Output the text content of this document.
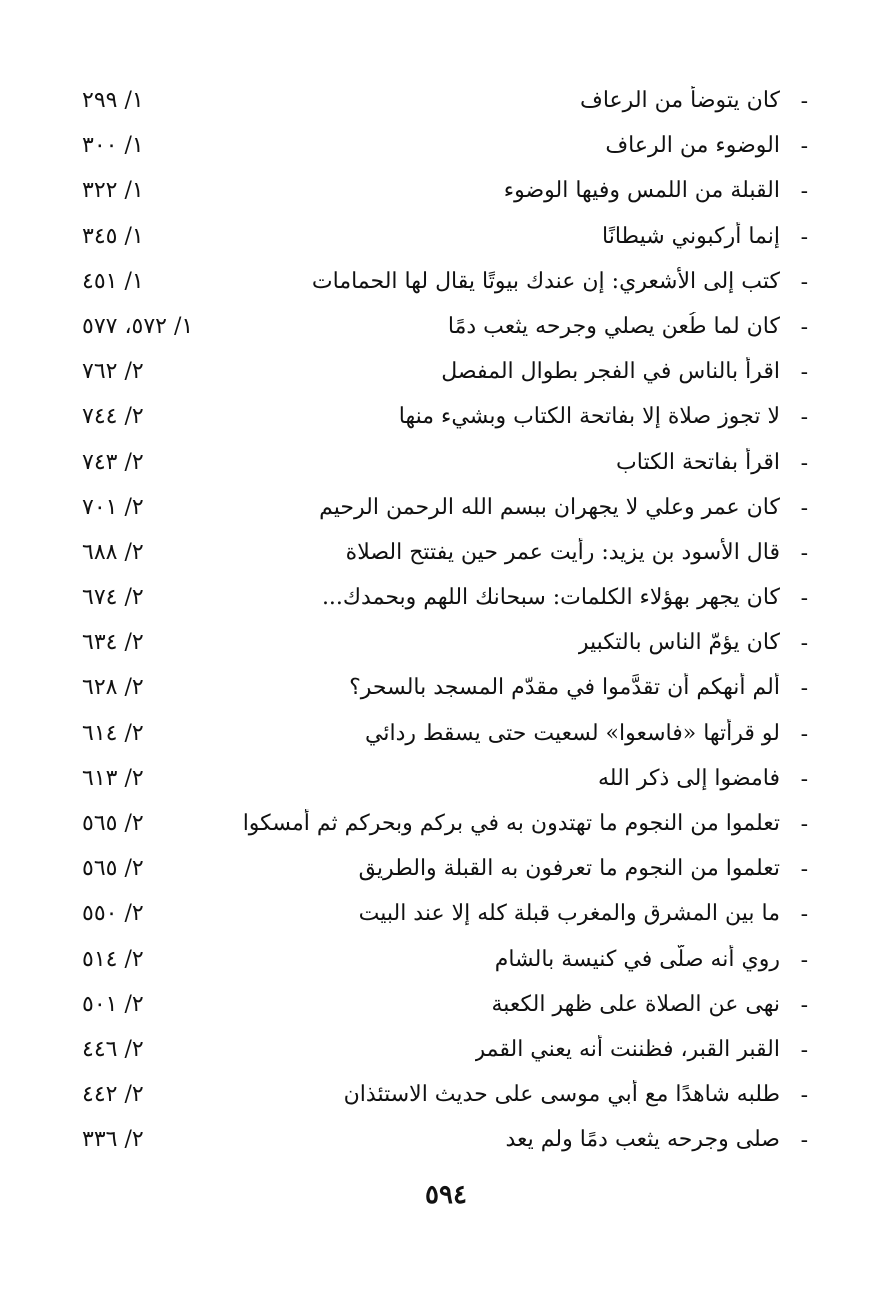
-
كان يتوضأ من الرعاف
١/ ٢٩٩
-
الوضوء من الرعاف
١/ ٣٠٠
-
القبلة من اللمس وفيها الوضوء
١/ ٣٢٢
-
إنما أركبوني شيطانًا
١/ ٣٤٥
-
كتب إلى الأشعري: إن عندك بيوتًا يقال لها الحمامات
١/ ٤٥١
-
كان لما طُعن يصلي وجرحه يثعب دمًا
١/ ٥٧٢، ٥٧٧
-
اقرأ بالناس في الفجر بطوال المفصل
٢/ ٧٦٢
-
لا تجوز صلاة إلا بفاتحة الكتاب وبشيء منها
٢/ ٧٤٤
-
اقرأ بفاتحة الكتاب
٢/ ٧٤٣
-
كان عمر وعلي لا يجهران ببسم الله الرحمن الرحيم
٢/ ٧٠١
-
قال الأسود بن يزيد: رأيت عمر حين يفتتح الصلاة
٢/ ٦٨٨
-
كان يجهر بهؤلاء الكلمات: سبحانك اللهم وبحمدك...
٢/ ٦٧٤
-
كان يؤمّ الناس بالتكبير
٢/ ٦٣٤
-
ألم أنهكم أن تقدَّموا في مقدّم المسجد بالسحر؟
٢/ ٦٢٨
-
لو قرأتها «فاسعوا» لسعيت حتى يسقط ردائي
٢/ ٦١٤
-
فامضوا إلى ذكر الله
٢/ ٦١٣
-
تعلموا من النجوم ما تهتدون به في بركم وبحركم ثم أمسكوا
٢/ ٥٦٥
-
تعلموا من النجوم ما تعرفون به القبلة والطريق
٢/ ٥٦٥
-
ما بين المشرق والمغرب قبلة كله إلا عند البيت
٢/ ٥٥٠
-
روي أنه صلَّى في كنيسة بالشام
٢/ ٥١٤
-
نهى عن الصلاة على ظهر الكعبة
٢/ ٥٠١
-
القبر القبر، فظننت أنه يعني القمر
٢/ ٤٤٦
-
طلبه شاهدًا مع أبي موسى على حديث الاستئذان
٢/ ٤٤٢
-
صلى وجرحه يثعب دمًا ولم يعد
٢/ ٣٣٦
٥٩٤
